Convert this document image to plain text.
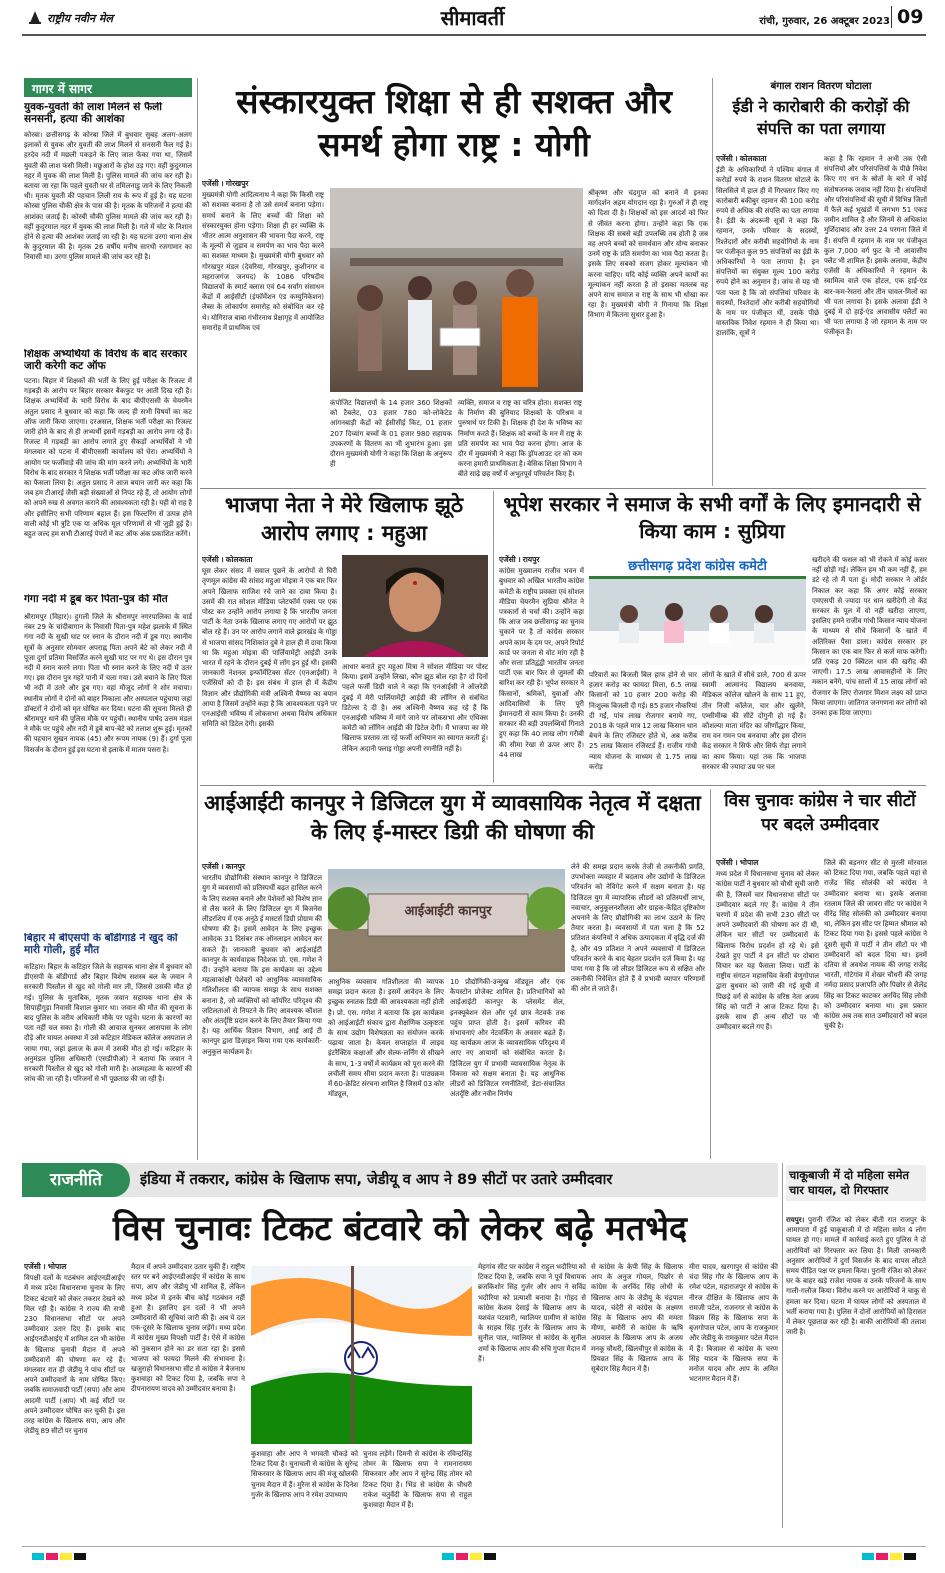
राष्ट्रीय नवीन मेल	सीमावर्ती	रांची, गुरुवार, 26 अक्टूबर 2023 09
गागर में सागर
युवक-युवती की लाश मिलने से फैली सनसनी, हत्या की आशंका
कोरबा। छत्तीसगढ़ के कोरबा जिले में बुधवार सुबह अलग-अलग इलाकों से युवक और युवती की लाश मिलने से सनसनी फैल गई है। हरदेव नदी में मछली पकड़ने के लिए जाल फेंका गया था, जिसमें युवती की लाश फंसी मिली। मछुआरों के होश उड़ गए। वहीं कुदुरमाल नहर में युवक की लाश मिली है। पुलिस मामले की जांच कर रही है। बताया जा रहा कि पहले युवती घर से तमिलनाडु जाने के लिए निकली थी। मृतक युवती की पहचान लिली राय के रूप में हुई है। यह घटना कोरबा पुलिस चौकी क्षेत्र के पास की है। मृतक के परिजनों ने हत्या की आशंका जताई है। कोरबी चौकी पुलिस मामले की जांच कर रही है। वहीं कुदुरमाल नहर में युवक की लाश मिली है। गले में चोट के निशान होने से हत्या की आशंका जताई जा रही है। यह घटना उरगा थाना क्षेत्र के कुदुरमाल की है। मृतक 26 वर्षीय मनीष सारथी रजगामार का निवासी था। उरगा पुलिस मामले की जांच कर रही है।
शिक्षक अभ्यर्थियों के विरोध के बाद सरकार जारी करेगी कट ऑफ
पटना। बिहार में शिक्षकों की भर्ती के लिए हुई परीक्षा के रिजल्ट में गड़बड़ी के आरोप पर बिहार सरकार बैकफुट पर आती दिख रही है। शिक्षक अभ्यर्थियों के भारी विरोध के बाद बीपीएससी के चेयरमैन अतुल प्रसाद ने बुधवार को कहा कि जल्द ही सभी विषयों का कट ऑफ जारी किया जाएगा। दरअसल, शिक्षक भर्ती परीक्षा का रिजल्ट जारी होने के बाद से ही अभ्यर्थी इसमें गड़बड़ी का आरोप लगा रहे हैं। रिजल्ट में गड़बड़ी का आरोप लगाते हुए सैकड़ों अभ्यर्थियों ने भी मंगलवार को पटना में बीपीएससी कार्यालय को घेरा। अभ्यर्थियों ने आयोग पर फर्जीवाड़े की जांच की मांग करने लगे। अभ्यर्थियों के भारी विरोध के बाद सरकार ने शिक्षक भर्ती परीक्षा का कट ऑफ जारी करने का फैसला लिया है। अतुल प्रसाद ने आज बयान जारी कर कहा कि जब हम टीआरई जैसी बड़ी संख्याओं से निपट रहे हैं, तो आयोग लोगों को अपने रुख से अवगत कराने की आवश्यकता रही है। यही वो राह है और इसीलिए सभी परिणाम बहाल हैं। इस फिल्टरिंग से उत्पन्न होने वाली कोई भी त्रुटि एक या अधिक मूल परिणामों से भी जुड़ी हुई है। बहुत जल्द हम सभी टीआरई पेपरों में कट ऑफ अंक प्रकाशित करेंगे।
गंगा नदी में डूब कर पिता-पुत्र की मौत
श्रीरामपुर (विहार)। हुगली जिले के श्रीरामपुर नगरपालिका के वार्ड नंबर 29 के चांदीबागान के निवासी पिता-पुत्र महेश झलाके में स्थित गंगा नदी के सुखी घाट पर स्नान के दौरान नदी में डूब गए। स्थानीय सूत्रों के अनुसार सोमवार अपराह्न पिता अपने बेटे को लेकर नदी में पूजा दुर्गा प्रतिमा विसर्जित करने सुखी घाट पर गए थे। इस दौरान पुत्र नदी में स्नान करने लगा। पिता भी स्नान करने के लिए नदी में उतर गए। इस दौरान पुत्र गहरे पानी में चला गया। उसे बचाने के लिए पिता भी नदी में उतरे और डूब गए। वहां मौजूद लोगों ने शोर मचाया। स्थानीय लोगों ने दोनों को बाहर निकाला और अस्पताल पहुंचाया जहां डॉक्टरों ने दोनों को मृत घोषित कर दिया। घटना की सूचना मिलते ही श्रीरामपुर थाने की पुलिस मौके पर पहुंची। स्थानीय पार्षद उत्तम मंडल ने मौके पर पहुंचे और नदी में डूबे बाप-बेटे को तलाश शुरू हुई। मृतकों की पहचान सुखन नायक (45) और रूपम नायक (9) हैं। दुर्गा पूजा विसर्जन के दौरान हुई इस घटना से इलाके में मातम पसरा है।
बिहार में बीएसपी के बॉडीगार्ड ने खुद को मारी गोली, हुई मौत
कटिहार। बिहार के कटिहार जिले के सहायक थाना क्षेत्र में बुधवार को डीएसपी के बॉडीगार्ड और बिहार विशेष सशस्त्र बल के जवान ने सरकारी पिस्तौल से खुद को गोली मार ली, जिससे उसकी मौत हो गई। पुलिस के मुताबिक, मृतक जवान सहायक थाना क्षेत्र के सिपाहीगुड़ा निवासी विशाल कुमार था। जवान की मौत की सूचना के बाद पुलिस के वरीय अधिकारी मौके पर पहुंचे। घटना के कारणों का पता नहीं चल सका है। गोली की आवाज सुनकर आसपास के लोग दौड़े और घायल अवस्था में उसे कटिहार मेडिकल कॉलेज अस्पताल ले जाया गया, जहां इलाज के क्रम में उसकी मौत हो गई। कटिहार के अनुमंडल पुलिस अधिकारी (एसडीपीओ) ने बताया कि जवान ने सरकारी पिस्तौल से खुद को गोली मारी है। आत्महत्या के कारणों की जांच की जा रही है। परिजनों से भी पूछताछ की जा रही है।
संस्कारयुक्त शिक्षा से ही सशक्त और समर्थ होगा राष्ट्र : योगी
एजेंसी । गोरखपुर
मुख्यमंत्री योगी आदित्यनाथ ने कहा कि किसी राष्ट्र को सशक्त बनाना है तो उसे समर्थ बनाना पड़ेगा। समर्थ बनाने के लिए बच्चों की शिक्षा को संस्कारयुक्त होना पड़ेगा। शिक्षा ही हर व्यक्ति के भीतर आत्म अनुशासन की भावना पैदा करने, राष्ट्र के मूल्यों से जुड़ाव व समर्पण का भाव पैदा करने का सशक्त माध्यम है। मुख्यमंत्री योगी बुधवार को गोरखपुर मंडल (देवरिया, गोरखपुर, कुशीनगर व महराजगंज जनपद) के 1086 परिषदीय विद्यालयों के स्मार्ट क्लास एवं 64 सर्वांग संसाधन केंद्रों में आईसीटी (इंफॉर्मेशन एंड कम्युनिकेशन) लैब्स के लोकार्पण समारोह को संबोधित कर रहे थे। योगिराज बाबा गंभीरनाथ प्रेक्षागृह में आयोजित समारोह में प्राथमिक एवं
कंपोजिट विद्यालयों के 14 हजार 360 शिक्षकों को टैबलेट, 03 हजार 780 को-लोकेटेड आंगनबाड़ी केंद्रों को ईसीसीई किट, 01 हजार 207 दिव्यांग बच्चों के 01 हजार 980 सहायक उपकरणों के वितरण का भी शुभारंभ हुआ। इस दौरान मुख्यमंत्री योगी ने कहा कि शिक्षा के अनुरूप ही
व्यक्ति, समाज व राष्ट्र का चरित्र होता। सशक्त राष्ट्र के निर्माण की बुनियाद शिक्षकों के परिश्रम व पुरुषार्थ पर टिकी है। शिक्षक ही देश के भविष्य का निर्माण करते हैं। शिक्षक को बच्चों के मन में राष्ट्र के प्रति समर्पण का भाव पैदा करना होगा। आज के दौर में मुख्यमंत्री ने कहा कि ड्रॉपआउट दर को कम करना हमारी प्राथमिकता है। बेसिक शिक्षा विभाग ने बीते साढ़े छह वर्षों में अभूतपूर्व परिवर्तन किए हैं।
श्रीकृष्ण और चंद्रगुप्त को बनाने में इनका मार्गदर्शन अहम योगदान रहा है। गुरुओं ने ही राष्ट्र को दिशा दी है। शिक्षकों को इस आदर्श को फिर से जीवंत करना होगा। उन्होंने कहा कि एक शिक्षक की सबसे बड़ी उपलब्धि तब होती है जब वह अपने बच्चों को समर्थवान और योग्य बनाकर उनमें राष्ट्र के प्रति समर्पण का भाव पैदा करता है। इसके लिए सबको सजग होकर मूल्यांकन भी करना चाहिए। यदि कोई व्यक्ति अपने कार्यों का मूल्यांकन नहीं करता है तो इसका मतलब वह अपने साथ समाज व राष्ट्र के साथ भी धोखा कर रहा है। मुख्यमंत्री योगी ने गिनाया कि शिक्षा विभाग में कितना सुधार हुआ है।
बंगाल राशन वितरण घोटाला
ईडी ने कारोबारी की करोड़ों की संपत्ति का पता लगाया
एजेंसी । कोलकाता
ईडी के अधिकारियों ने पश्चिम बंगाल में करोड़ों रुपये के राशन वितरण घोटाले के सिलसिले में हाल ही में गिरफ्तार किए गए कारोबारी बकीबुर रहमान की 100 करोड़ रुपये से अधिक की संपत्ति का पता लगाया है। ईडी के अंदरूनी सूत्रों ने कहा कि रहमान, उनके परिवार के सदस्यों, रिश्तेदारों और करीबी सहयोगियों के नाम पर पंजीकृत कुल 95 संपत्तियों का ईडी के अधिकारियों ने पता लगाया है। इन संपत्तियों का संयुक्त मूल्य 100 करोड़ रुपये होने का अनुमान है। जांच से यह भी पता चला है कि जो संपत्तियां परिवार के सदस्यों, रिश्तेदारों और करीबी सहयोगियों के नाम पर पंजीकृत थीं, उसके पीछे वास्तविक निवेश रहमान ने ही किया था। हालांकि, सूत्रों ने
कहा है कि रहमान ने अभी तक ऐसी संपत्तियों और परिसंपत्तियों के पीछे निवेश किए गए धन के स्रोतों के बारे में कोई संतोषजनक जवाब नहीं दिया है। संपत्तियों और परिसंपत्तियों की सूची में विभिन्न जिलों में फैले कई भूखंडों में लगभग 51 एकड़ जमीन शामिल है और जिनमें से अधिकांश मुर्शिदाबाद और उत्तर 24 परगना जिले में हैं। संपत्ति में रहमान के नाम पर पंजीकृत कुल 7,000 वर्ग फुट के नौ आवासीय फ्लैट भी शामिल हैं। इसके अलावा, केंद्रीय एजेंसी के अधिकारियों ने रहमान के स्वामित्व वाले एक होटल, एक हाई-एंड बार-कम-रेस्तरां और तीन चावल-मिलों का भी पता लगाया है। इसके अलावा ईडी ने दुबई में दो हाई-एंड आवासीय फ्लैटों का भी पता लगाया है जो रहमान के नाम पर पंजीकृत हैं।
भाजपा नेता ने मेरे खिलाफ झूठे आरोप लगाए : महुआ
एजेंसी । कोलकाता
घूस लेकर संसद में सवाल पूछने के आरोपों से घिरी तृणमूल कांग्रेस की सांसद महुआ मोइत्रा ने एक बार फिर अपने खिलाफ साजिश रचे जाने का दावा किया है। उसमें की रात सोशल मीडिया प्लेटफॉर्म एक्स पर एक पोस्ट कर उन्होंने आरोप लगाया है कि भारतीय जनता पार्टी के नेता उनके खिलाफ लगाए गए आरोपों पर झूठ बोल रहे हैं। उन पर आरोप लगाने वाले झारखंड के गोड्डा से भाजपा सांसद निशिकांत दुबे ने हाल ही में दावा किया था कि महुआ मोइत्रा की पार्लियामेंट्री आईडी उनके भारत में रहने के दौरान दुबई में लॉग इन हुई थी। इसकी जानकारी नेशनल इन्फॉर्मेटिक्स सेंटर (एनआईसी) ने एजेंसियों को दी है। इस संबंध में हाल ही में केंद्रीय विज्ञान और प्रौद्योगिकी मंत्री अश्विनी वैष्णव का बयान आया है जिसमें उन्होंने कहा है कि आवश्यकता पड़ने पर एनआईसी भविष्य में लोकसभा अथवा विशेष अधिकार समिति को डिटेल देगी। इसकी
आधार बनाते हुए महुआ मित्रा ने सोशल मीडिया पर पोस्ट किया। इसमें उन्होंने लिखा, कौन झूठ बोल रहा है? दो दिनों पहले फर्जी डिग्री वाले ने कहा कि एनआईसी ने ऑलरेडी दुबई में मेरी पार्लियामेंट्री आईडी की लॉगिन से संबंधित डिटेल्स दे दी है। अब अश्विनी वैष्णव कह रहे हैं कि एनआईसी भविष्य में मांगे जाने पर लोकसभा और एथिक्स कमेटी को लॉगिन आईडी की डिटेल देगी। मैं भाजपा का मेरे खिलाफ प्रस्ताव जा रहे फर्जी अभियान का स्वागत करती हूं। लेकिन अदानी फ्लाइ गोड्डा अपनी रणनीति नहीं है।
भूपेश सरकार ने समाज के सभी वर्गों के लिए इमानदारी से किया काम : सुप्रिया
एजेंसी । रायपुर
कांग्रेस मुख्यालय राजीव भवन में बुधवार को अखिल भारतीय कांग्रेस कमेटी के राष्ट्रीय प्रवक्ता एवं सोशल मीडिया चेयरमैन सुप्रिया श्रीनेत ने पत्रकारों से चर्चा की। उन्होंने कहा कि आज जब छत्तीसगढ़ का चुनाव चुकाने पर है तो कांग्रेस सरकार अपने काम के दम पर, अपने रिपोर्ट कार्ड पर जनता से वोट मांग रही है और सत्ता प्रतिद्वंद्वी भारतीय जनता पार्टी एक बार फिर से जुमलों की बारिश कर रही है। भूपेश सरकार ने किसानों, श्रमिकों, युवाओं और आदिवासियों के लिए पूरी ईमानदारी से काम किया है। उनकी सरकार की बड़ी उपलब्धियों गिनाते हुए कहा कि 40 लाख लोग गरीबी की सीमा रेखा से ऊपर आए हैं। 44 लाख
छत्तीसगढ़ प्रदेश कांग्रेस कमेटी
परिवारों का बिजली बिल हाफ होने से चार हजार करोड़ का फायदा मिला, 6.5 लाख किसानों को 10 हजार 200 करोड़ की निःशुल्क बिजली दी गई। 85 हजार नौकरियां दी गईं, पांच लाख रोजगार बनाये गए, 2018 के पहले मात्र 12 लाख किसान धान बेचने के लिए रजिस्टर होते थे, अब करीब 25 लाख किसान रजिस्टर्ड हैं। राजीव गांधी न्याय योजना के माध्यम से 1.75 लाख करोड़
लोगों के खाते में सीधे डाले, 700 से ऊपर स्वामी आत्मानंद विद्यालय बनवाया, मेडिकल कॉलेज खोलने के साथ 11 हुए, तीन निजी कॉलेज, चार और खुलेंगे, एम्सीमीम्ब्र की सीटें दोगुनी हो गई हैं। कौशल्या माता मंदिर का जीर्णोद्धार किया, राम वन गमन पथ बनवाया और इस दौरान केंद्र सरकार ने सिर्फ और सिर्फ रोड़ा लगाने का काम किया। यहां तक कि भाजपा सरकार की ज्यादा उम्र पर चल
खरीदने की फसल को भी रोकने में कोई कसर नहीं छोड़ी गई। लेकिन हम भी कम नहीं हैं, हम डटे रहे तो मैं पता हूं। मोदी सरकार ने ऑर्डर निकाल कर कहा कि अगर कोई सरकार एमएसपी से ज्यादा पर धान खरीदेगी तो केंद्र सरकार के पूल में वो नहीं खरीदा जाएगा, इसलिए हमने राजीव गांधी किसान न्याय योजना के माध्यम से सीधे किसानों के खाते में अतिरिक्त पैसा डाला। कांग्रेस सरकार हर किसान का एक बार फिर से कर्ज माफ करेगी। प्रति एकड़ 20 क्विंटल धान की खरीद की जाएगी। 17.5 लाख आवासहीनों के लिए मकान बनेंगे, पांच सालों में 15 लाख लोगों को रोजगार के लिए रोजगार मिशन लक्ष्य को प्राप्त किया जाएगा। जातिगत जनगणना कर लोगों को उनका हक दिया जाएगा।
आईआईटी कानपुर ने डिजिटल युग में व्यावसायिक नेतृत्व में दक्षता के लिए ई-मास्टर डिग्री की घोषणा की
एजेंसी । कानपुर
भारतीय प्रौद्योगिकी संस्थान कानपुर ने डिजिटल युग में व्यवसायों को प्रतिस्पर्धी बढ़त हासिल करने के लिए सशक्त बनाने और पेशेवरों को विशेष ज्ञान से लैस करने के लिए डिजिटल युग में बिजनेस लीडरशिप में एक अनूठे ई मास्टर्स डिग्री प्रोग्राम की घोषणा की है। इसमें आवेदन के लिए इच्छुक आवेदक 31 दिसंबर तक ऑनलाइन आवेदन कर सकते हैं। जानकारी बुधवार को आईआईटी कानपुर के कार्यवाहक निदेशक प्रो. एस. गणेश ने दी। उन्होंने बताया कि इस कार्यक्रम का उद्देश्य महत्वाकांक्षी पेशेवरों को आधुनिक व्यावसायिक गतिशीलता की व्यापक समझ के साथ सशक्त बनाना है, जो व्यक्तियों को कॉर्पोरेट परिदृश्य की जटिलताओं से निपटने के लिए आवश्यक कौशल और अंतर्दृष्टि प्रदान करने के लिए तैयार किया गया है। यह आर्थिक विज्ञान विभाग, आई आई टी कानपुर द्वारा डिज़ाइन किया गया एक कार्यकारी-अनुकूल कार्यक्रम है।
आईआईटी कानपुर
आधुनिक व्यवसाय गतिशीलता की व्यापक समझ प्रदान करता है। इसमें आवेदन के लिए इच्छुक स्नातक डिग्री की आवश्यकता नहीं होती है। प्रो. एस. गणेश ने बताया कि इस कार्यक्रम को आईआईटी संकाय द्वारा शैक्षणिक उत्कृष्टता के साथ उद्योग विशेषज्ञता का संयोजन करके पढ़ाया जाता है। केवल सप्ताहांत में लाइव इंटरैक्टिव कक्षाओं और सेल्फ-लर्निंग से सीखने के साथ, 1-3 वर्षों में कार्यक्रम को पूरा करने की लचीली समय सीमा प्रदान करता है। पाठ्यक्रम में 60-क्रेडिट संरचना शामिल है जिसमें 03 कोर मॉड्यूल,
10 प्रौद्योगिकी-उन्मुख मॉड्यूल और एक कैपस्टोन प्रोजेक्ट शामिल है। प्रतिभागियों को आईआईटी कानपुर के प्लेसमेंट सेल, इनक्यूबेशन सेल और पूर्व छात्र नेटवर्क तक पहुंच प्राप्त होती है। इसमें करियर की संभावनाएं और नेटवर्किंग के अवसर बढ़ते हैं। यह कार्यक्रम आज के व्यावसायिक परिदृश्य में आए नए आयामों को संबोधित करता है। डिजिटल युग में प्रभावी व्यावसायिक नेतृत्व के विकास को सक्षम बनाता है। यह आधुनिक लीडरों को डिजिटल रणनीतियों, डेटा-संचालित अंतर्दृष्टि और नवीन निर्णय
लेने की समझ प्रदान करके तेजी से तकनीकी प्रगति, उपभोक्ता व्यवहार में बदलाव और उद्योगों के डिजिटल परिवर्तन को नेविगेट करने में सक्षम बनाता है। यह डिजिटल युग में व्यापारिक लीडरों को प्रतिस्पर्धी लाभ, नवाचार, अनुकूलनशीलता और ग्राहक-केंद्रित दृष्टिकोण अपनाने के लिए प्रौद्योगिकी का लाभ उठाने के लिए तैयार करता है। व्यवसायों में पता चला है कि 52 प्रतिशत कंपनियों ने अधिक उत्पादकता में वृद्धि दर्ज की है, और 49 प्रतिशत ने अपने व्यवसायों में डिजिटल परिवर्तन करने के बाद बेहतर प्रदर्शन दर्ज किया है। यह पाया गया है कि जो लीडर डिजिटल रूप से सक्षित और तकनीकी निवेशित होते हैं वे प्रभावी व्यापार परिणामों की ओर ले जाते हैं।
विस चुनावः कांग्रेस ने चार सीटों पर बदले उम्मीदवार
एजेंसी । भोपाल
मध्य प्रदेश में विधानसभा चुनाव को लेकर कांग्रेस पार्टी ने बुधवार को चौथी सूची जारी की है, जिसमें चार विधानसभा सीटों पर उम्मीदवार बदले गए हैं। कांग्रेस ने तीन चरणों में प्रदेश की सभी 230 सीटों पर अपने उम्मीदवारों की घोषणा कर दी थी, लेकिन चार सीटों पर उम्मीदवारों के खिलाफ विरोध प्रदर्शन हो रहे थे। इसे देखते हुए पार्टी ने इन सीटों पर दोबारा विचार कर यह फैसला लिया। पार्टी के राष्ट्रीय संगठन महासचिव केसी वेणुगोपाल द्वारा बुधवार को जारी की गई सूची में पिछड़े वर्ग से कांग्रेस के वरिष्ठ नेता अजय सिंह को पार्टी ने आज टिकट दिया है। इसके साथ ही अन्य सीटों पर भी उम्मीदवार बदले गए हैं।
जिले की बड़नगर सीट से मुरली मोरवाल को टिकट दिया गया, जबकि पहले यहां से राजेंद्र सिंह सोलंकी को कांग्रेस ने उम्मीदवार बनाया था। इसके अलावा रतलाम जिले की जावरा सीट पर कांग्रेस ने वीरेंद्र सिंह सोलंकी को उम्मीदवार बनाया था, लेकिन इस सीट पर हिम्मत श्रीमाल को टिकट दिया गया है। इससे पहले कांग्रेस ने दूसरी सूची में पार्टी ने तीन सीटों पर भी उम्मीदवारों को बदल दिया था। इनमें दतिया से अवधेश नायक की जगह राजेंद्र भारती, गोटेगांव में शेखर चौधरी की जगह नर्मदा प्रसाद प्रजापति और पिछोर से शैलेंद्र सिंह का टिकट काटकर अरविंद सिंह लोधी को उम्मीदवार बनाया था। इस प्रकार कांग्रेस अब तक सात उम्मीदवारों को बदल चुकी है।
राजनीति	इंडिया में तकरार, कांग्रेस के खिलाफ सपा, जेडीयू व आप ने 89 सीटों पर उतारे उम्मीदवार
विस चुनावः टिकट बंटवारे को लेकर बढ़े मतभेद
एजेंसी । भोपाल
विपक्षी दलों के गठबंधन आईएनडीआईए में मध्य प्रदेश विधानसभा चुनाव के लिए टिकट बंटवारे को लेकर तकरार देखने को मिल रही है। कांग्रेस ने राज्य की सभी 230 विधानसभा सीटों पर अपने उम्मीदवार उतार दिए हैं। इसके बाद आईएनडीआईए में शामिल दल भी कांग्रेस के खिलाफ चुनावी मैदान में अपने उम्मीदवारों की घोषणा कर रहे हैं। मंगलवार रात ही जेडीयू ने पांच सीटों पर अपने उम्मीदवारों के नाम घोषित किए। जबकि समाजवादी पार्टी (सपा) और आम आदमी पार्टी (आप) भी कई सीटों पर अपने उम्मीदवार घोषित कर चुकी है। इस तरह कांग्रेस के खिलाफ सपा, आप और जेडीयू 89 सीटों पर चुनाव
मैदान में अपने उम्मीदवार उतार चुकी हैं। राष्ट्रीय स्तर पर बने आईएनडीआईए में कांग्रेस के साथ सपा, आप और जेडीयू भी शामिल हैं, लेकिन मध्य प्रदेश में इनके बीच कोई गठबंधन नहीं हुआ है। इसलिए इन दलों ने भी अपने उम्मीदवारों की सूचियां जारी की हैं। अब ये दल एक-दूसरे के खिलाफ चुनाव लड़ेंगे। मध्य प्रदेश में कांग्रेस मुख्य विपक्षी पार्टी है। ऐसे में कांग्रेस को नुकसान होने का डर सता रहा है। इससे भाजपा को फायदा मिलने की संभावना है। खजुराहो विधानसभा सीट से कांग्रेस ने बैजनाथ कुशवाहा को टिकट दिया है, जबकि सपा ने दीपनारायण यादव को उम्मीदवार बनाया है।
कुशवाहा और आप ने भगवती चौकड़े को टिकट दिया है। चुनाचली से कांग्रेस के सुरेन्द्र सिकरवार के खिलाफ आप की मंजू खोलकी चुनाव मैदान में हैं। मुरैना से कांग्रेस के दिनेश गुर्जर के खिलाफ आप ने रमेश उपाध्याय
चुनाव लड़ेंगे। दिमनी से कांग्रेस के रविन्द्रसिंह तोमर के खिलाफ सपा ने रामनारायण सिकरवार और आप ने सुरेन्द्र सिंह तोमर को टिकट दिया है। भिंड से कांग्रेस के चौधरी राकेश चतुर्वेदी के खिलाफ सपा से राहुल कुशवाहा मैदान में हैं।
मेहगांव सीट पर कांग्रेस ने राहुल भदौरिया को टिकट दिया है, जबकि सपा ने पूर्व विधायक ब्रजकिशोर सिंह गुर्जर और आप ने सविंद्र भदौरिया को प्रत्याशी बनाया है। गोहद से कांग्रेस केशव देसाई के खिलाफ आप के यशवंत पटवारी, ग्वालियर ग्रामीण से कांग्रेस के साहब सिंह गुर्जर के खिलाफ आप के सुनील पाल, ग्वालियर से कांग्रेस के सुनील शर्मा के खिलाफ आप की रुचि गुप्ता मैदान में हैं।
से कांग्रेस के केपी सिंह के खिलाफ आप के अनुज गोयल, पिछोर से कांग्रेस के अरविंद सिंह लोधी के खिलाफ आप के जेडीयू के चंद्रपाल यादव, चंदेरी से कांग्रेस के लक्ष्मण सिंह के खिलाफ आप की ममता मीणा, बमोरी से कांग्रेस के ऋषि अग्रवाल के खिलाफ आप के अजय मनकू चौधरी, खिलचीपुर से कांग्रेस के प्रियव्रत सिंह के खिलाफ आप के सूबेदार सिंह मैदान में हैं।
मीरा यादव, खरगापुर से कांग्रेस की चंदा सिंह गौर के खिलाफ आप के रमेश पटेल, महाराजपुर से कांग्रेस के नीरज दीक्षित के खिलाफ आप के रामजी पटेल, राजनगर से कांग्रेस के विक्रम सिंह के खिलाफ सपा के बृजगोपाल पटेल, आप के राजकुमार और जेडीयू के रामकुमार पटेल मैदान में हैं। बिजावर से कांग्रेस के चरण सिंह यादव के खिलाफ सपा के मनोज यादव और आप के अमित भटनागर मैदान में हैं।
चाकूबाजी में दो महिला समेत चार घायल, दो गिरफ्तार
रायपुर। पुरानी रंजिश को लेकर बीती रात राजपुर के आमापारा में हुई चाकूबाजी में दो महिला समेत 4 लोग घायल हो गए। मामले में कार्रवाई करते हुए पुलिस ने दो आरोपियों को गिरफ्तार कर लिया है। मिली जानकारी अनुसार आरोपियों ने दुर्गा विसर्जन के बाद वापस लौटते समय पीड़ित पक्ष पर हमला किया। पुरानी रंजिश को लेकर घर के बाहर खड़े राजेश नायक व उनके परिजनों के साथ गाली-गलौज किया। विरोध करने पर आरोपियों ने चाकू से हमला कर दिया। घटना में घायल लोगों को अस्पताल में भर्ती कराया गया है। पुलिस ने दोनों आरोपियों को हिरासत में लेकर पूछताछ कर रही है। बाकी आरोपियों की तलाश जारी है।
